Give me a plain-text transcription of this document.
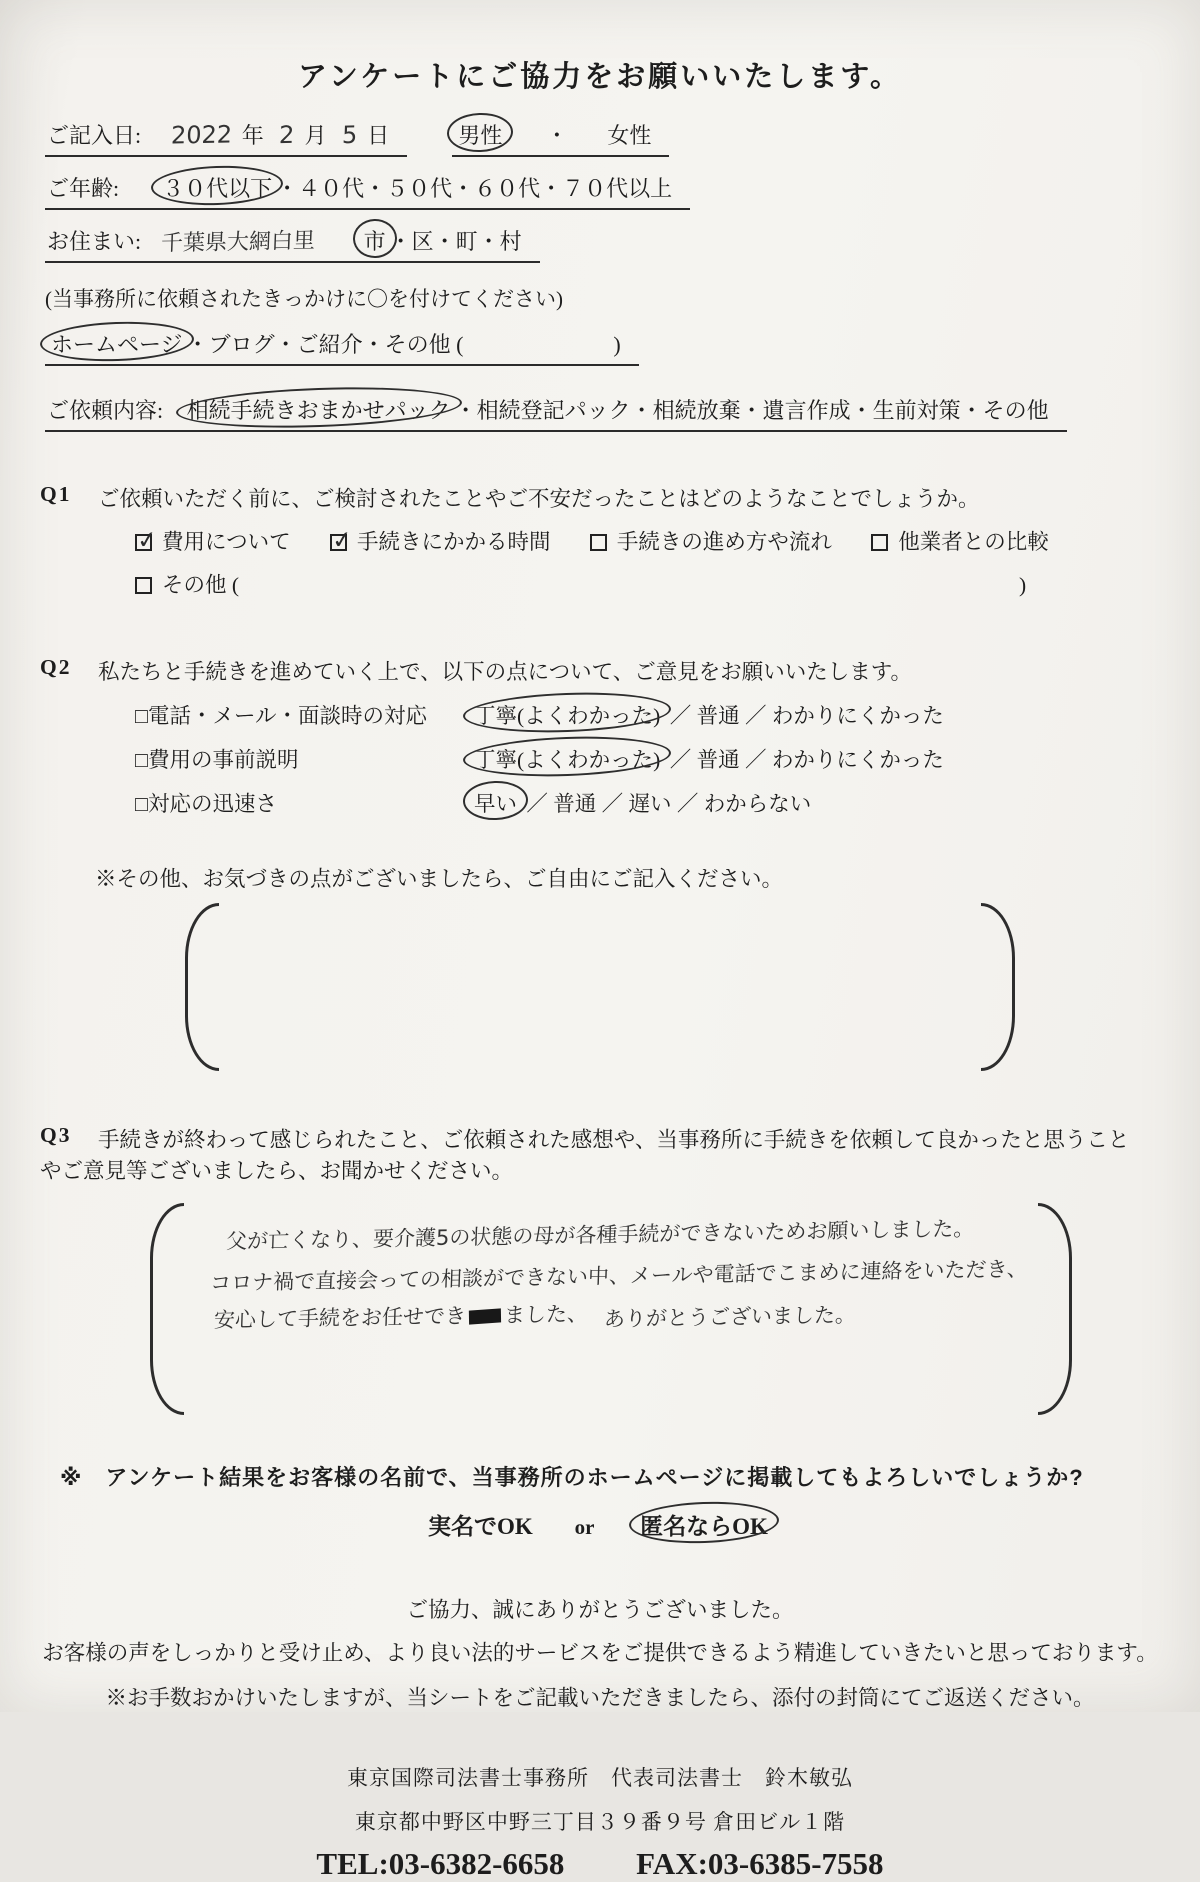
アンケートにご協力をお願いいたします。
ご記入日: 2022 年 2 月 5 日	男性 ・ 女性
ご年齢: ３０代以下 ・４０代・５０代・６０代・７０代以上
お住まい: 千葉県大網白里 市 ・区・町・村
(当事務所に依頼されたきっかけに〇を付けてください)
ホームページ ・ブログ・ご紹介・その他 (	)
ご依頼内容: 相続手続きおまかせパック ・相続登記パック・相続放棄・遺言作成・生前対策・その他
Q1	ご依頼いただく前に、ご検討されたことやご不安だったことはどのようなことでしょうか。
✓費用について ✓	手続きにかかる時間	手続きの進め方や流れ	他業者との比較
その他 (	)
Q2	私たちと手続きを進めていく上で、以下の点について、ご意見をお願いいたします。
□電話・メール・面談時の対応	丁寧(よくわかった) ／ 普通 ／ わかりにくかった
□費用の事前説明	丁寧(よくわかった) ／ 普通 ／ わかりにくかった
□対応の迅速さ	早い ／ 普通 ／ 遅い ／ わからない
※その他、お気づきの点がございましたら、ご自由にご記入ください。
Q3	手続きが終わって感じられたこと、ご依頼された感想や、当事務所に手続きを依頼して良かったと思うこと
やご意見等ございましたら、お聞かせください。
父が亡くなり、要介護5の状態の母が各種手続ができないためお願いしました。 コロナ禍で直接会っての相談ができない中、メールや電話でこまめに連絡をいただき、 安心して手続をお任せでき ました、 ありがとうございました。
※　アンケート結果をお客様の名前で、当事務所のホームページに掲載してもよろしいでしょうか?
実名でOK or 匿名ならOK
ご協力、誠にありがとうございました。
お客様の声をしっかりと受け止め、より良い法的サービスをご提供できるよう精進していきたいと思っております。
※お手数おかけいたしますが、当シートをご記載いただきましたら、添付の封筒にてご返送ください。
東京国際司法書士事務所　代表司法書士　鈴木敏弘
東京都中野区中野三丁目３９番９号 倉田ビル１階
TEL:03-6382-6658 FAX:03-6385-7558
